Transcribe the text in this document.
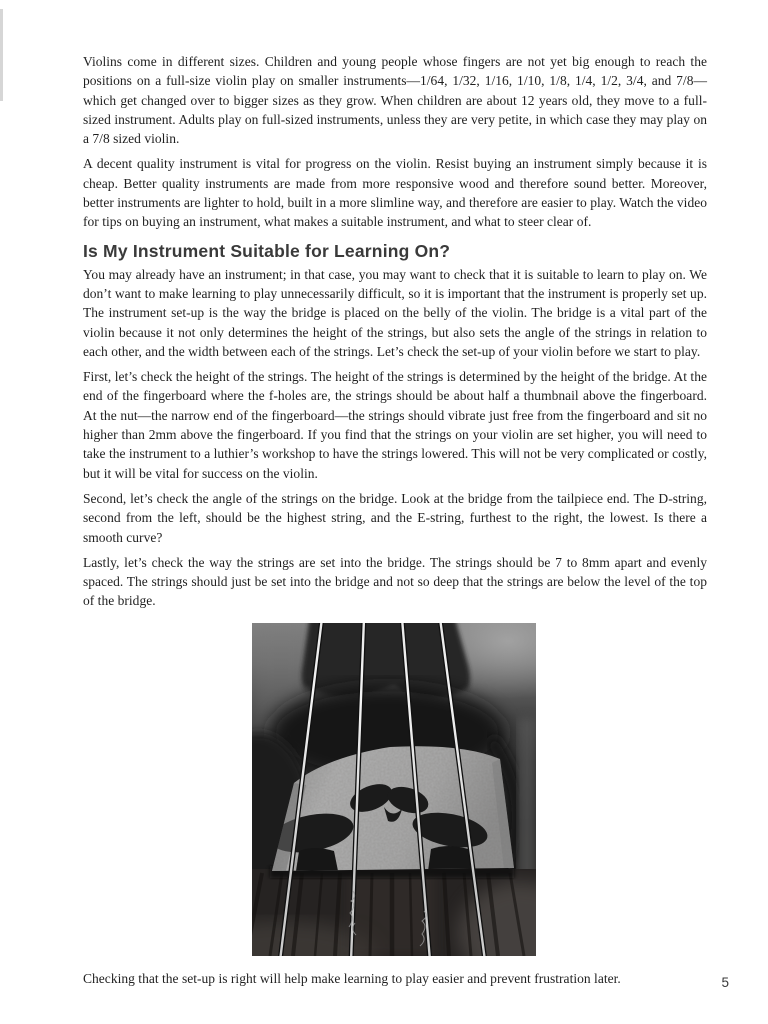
Violins come in different sizes. Children and young people whose fingers are not yet big enough to reach the positions on a full-size violin play on smaller instruments—1/64, 1/32, 1/16, 1/10, 1/8, 1/4, 1/2, 3/4, and 7/8—which get changed over to bigger sizes as they grow. When children are about 12 years old, they move to a full-sized instrument. Adults play on full-sized instruments, unless they are very petite, in which case they may play on a 7/8 sized violin.

A decent quality instrument is vital for progress on the violin. Resist buying an instrument simply because it is cheap. Better quality instruments are made from more responsive wood and therefore sound better. Moreover, better instruments are lighter to hold, built in a more slimline way, and therefore are easier to play. Watch the video for tips on buying an instrument, what makes a suitable instrument, and what to steer clear of.

Is My Instrument Suitable for Learning On?

You may already have an instrument; in that case, you may want to check that it is suitable to learn to play on. We don’t want to make learning to play unnecessarily difficult, so it is important that the instrument is properly set up. The instrument set-up is the way the bridge is placed on the belly of the violin. The bridge is a vital part of the violin because it not only determines the height of the strings, but also sets the angle of the strings in relation to each other, and the width between each of the strings. Let’s check the set-up of your violin before we start to play.

First, let’s check the height of the strings. The height of the strings is determined by the height of the bridge. At the end of the fingerboard where the f-holes are, the strings should be about half a thumbnail above the fingerboard. At the nut—the narrow end of the fingerboard—the strings should vibrate just free from the fingerboard and sit no higher than 2mm above the fingerboard. If you find that the strings on your violin are set higher, you will need to take the instrument to a luthier’s workshop to have the strings lowered. This will not be very complicated or costly, but it will be vital for success on the violin.

Second, let’s check the angle of the strings on the bridge. Look at the bridge from the tailpiece end. The D-string, second from the left, should be the highest string, and the E-string, furthest to the right, the lowest. Is there a smooth curve?

Lastly, let’s check the way the strings are set into the bridge. The strings should be 7 to 8mm apart and evenly spaced. The strings should just be set into the bridge and not so deep that the strings are below the level of the top of the bridge.

Checking that the set-up is right will help make learning to play easier and prevent frustration later.	5
